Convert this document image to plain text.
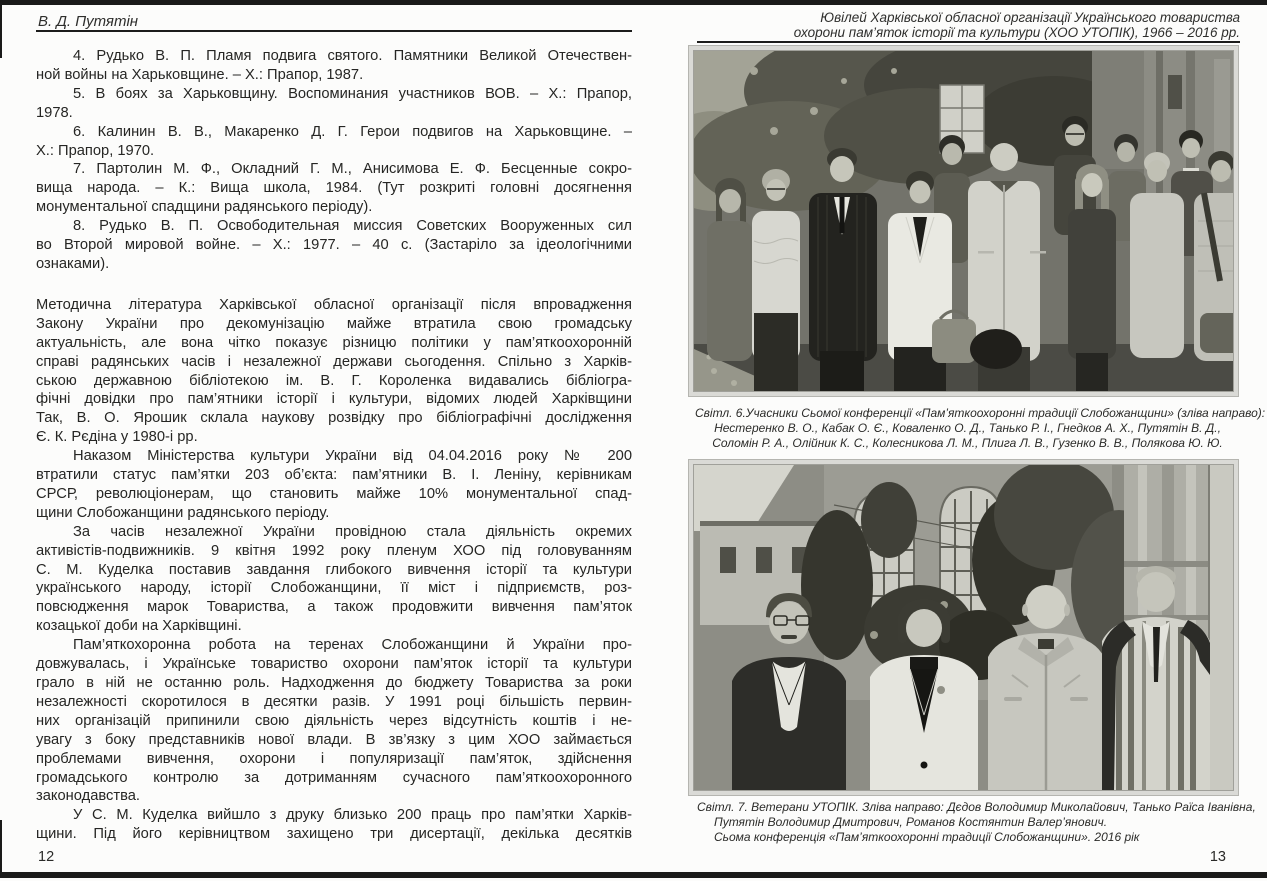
В. Д. Путятін
4. Рудько В. П. Пламя подвига святого. Памятники Великой Отечествен-
ной войны на Харьковщине. – Х.: Прапор, 1987.
5. В боях за Харьковщину. Воспоминания участников ВОВ. – Х.: Прапор,
1978.
6. Калинин В. В., Макаренко Д. Г. Герои подвигов на Харьковщине. –
Х.: Прапор, 1970.
7. Партолин М. Ф., Окладний Г. М., Анисимова Е. Ф. Бесценные сокро-
вища народа. – К.: Вища школа, 1984. (Тут розкриті головні досягнення
монументальної спадщини радянського періоду).
8. Рудько В. П. Освободительная миссия Советских Вооруженных сил
во Второй мировой войне. – Х.: 1977. – 40 с. (Застаріло за ідеологічними
ознаками).
Методична література Харківської обласної організації після впровадження
Закону України про декомунізацію майже втратила свою громадську
актуальність, але вона чітко показує різницю політики у пам’яткоохоронній
справі радянських часів і незалежної держави сьогодення. Спільно з Харків-
ською державною бібліотекою ім. В. Г. Короленка видавались бібліогра-
фічні довідки про пам’ятники історії і культури, відомих людей Харківщини
Так, В. О. Ярошик склала наукову розвідку про бібліографічні дослідження
Є. К. Рєдіна у 1980-і рр.
Наказом Міністерства культури України від 04.04.2016 року № 200
втратили статус пам’ятки 203 об’єкта: пам’ятники В. І. Леніну, керівникам
СРСР, революціонерам, що становить майже 10% монументальної спад-
щини Слобожанщини радянського періоду.
За часів незалежної України провідною стала діяльність окремих
активістів-подвижників. 9 квітня 1992 року пленум ХОО під головуванням
С. М. Куделка поставив завдання глибокого вивчення історії та культури
українського народу, історії Слобожанщини, її міст і підприємств, роз-
повсюдження марок Товариства, а також продовжити вивчення пам’яток
козацької доби на Харківщині.
Пам’яткохоронна робота на теренах Слобожанщини й України про-
довжувалась, і Українське товариство охорони пам’яток історії та культури
грало в ній не останню роль. Надходження до бюджету Товариства за роки
незалежності скоротилося в десятки разів. У 1991 році більшість первин-
них організацій припинили свою діяльність через відсутність коштів і не-
увагу з боку представників нової влади. В зв’язку з цим ХОО займається
проблемами вивчення, охорони і популяризації пам’яток, здійснення
громадського контролю за дотриманням сучасного пам’яткоохоронного
законодавства.
У С. М. Куделка вийшло з друку близько 200 праць про пам’ятки Харків-
щини. Під його керівництвом захищено три дисертації, декілька десятків
12
Ювілей Харківської обласної організації Українського товариства
охорони пам’яток історії та культури (ХОО УТОПІК), 1966 – 2016 рр.
Світл. 6.Учасники Сьомої конференції «Пам’яткоохоронні традиції Слобожанщини» (зліва направо):
Нестеренко В. О., Кабак О. Є., Коваленко О. Д., Танько Р. І., Гнедков А. Х., Путятін В. Д.,
Соломін Р. А., Олійник К. С., Колесникова Л. М., Плига Л. В., Гузенко В. В., Полякова Ю. Ю.
Світл. 7. Ветерани УТОПІК. Зліва направо: Дєдов Володимир Миколайович, Танько Раїса Іванівна,
Путятін Володимир Дмитрович, Романов Костянтин Валер’янович.
Сьома конференція «Пам’яткоохоронні традиції Слобожанщини». 2016 рік
13
